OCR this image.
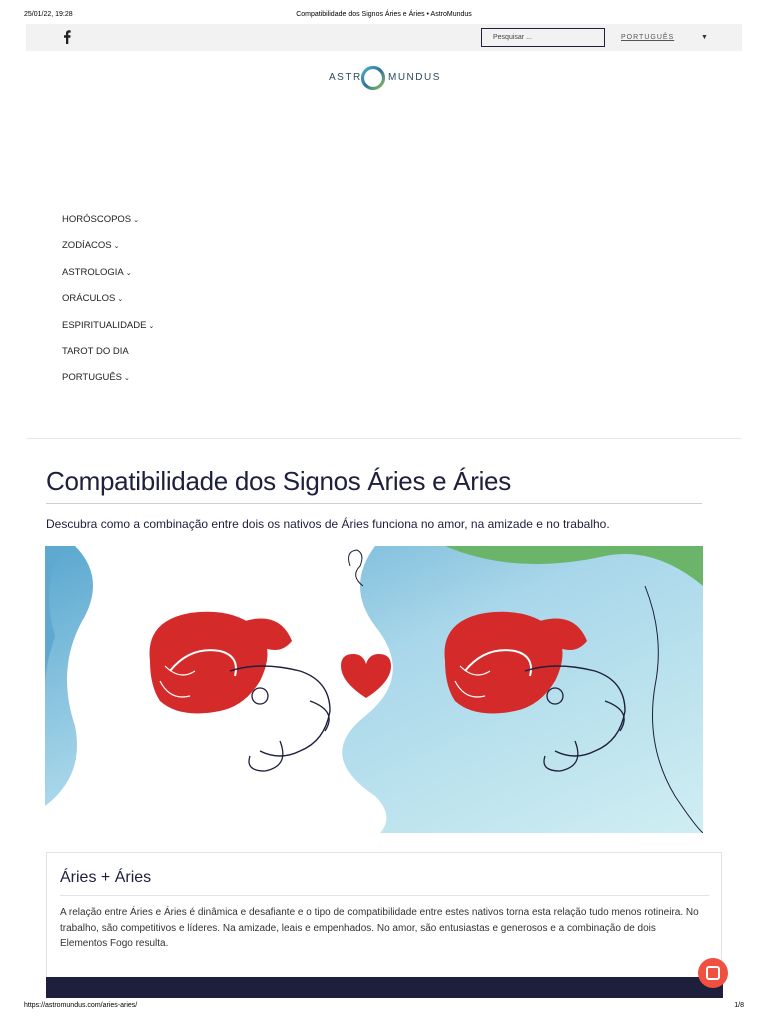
25/01/22, 19:28	Compatibilidade dos Signos Áries e Áries • AstroMundus
Pesquisar ...	PORTUGUÊS	▼
ASTR	MUNDUS
HORÓSCOPOS ⌄
ZODÍACOS ⌄
ASTROLOGIA ⌄
ORÁCULOS ⌄
ESPIRITUALIDADE ⌄
TAROT DO DIA
PORTUGUÊS ⌄
Compatibilidade dos Signos Áries e Áries
Descubra como a combinação entre dois os nativos de Áries funciona no amor, na amizade e no trabalho.
Áries + Áries

A relação entre Áries e Áries é dinâmica e desafiante e o tipo de compatibilidade entre estes nativos torna esta relação tudo menos rotineira. No trabalho, são competitivos e líderes. Na amizade, leais e empenhados. No amor, são entusiastas e generosos e a combinação de dois Elementos Fogo resulta.

https://astromundus.com/aries-aries/	1/8
